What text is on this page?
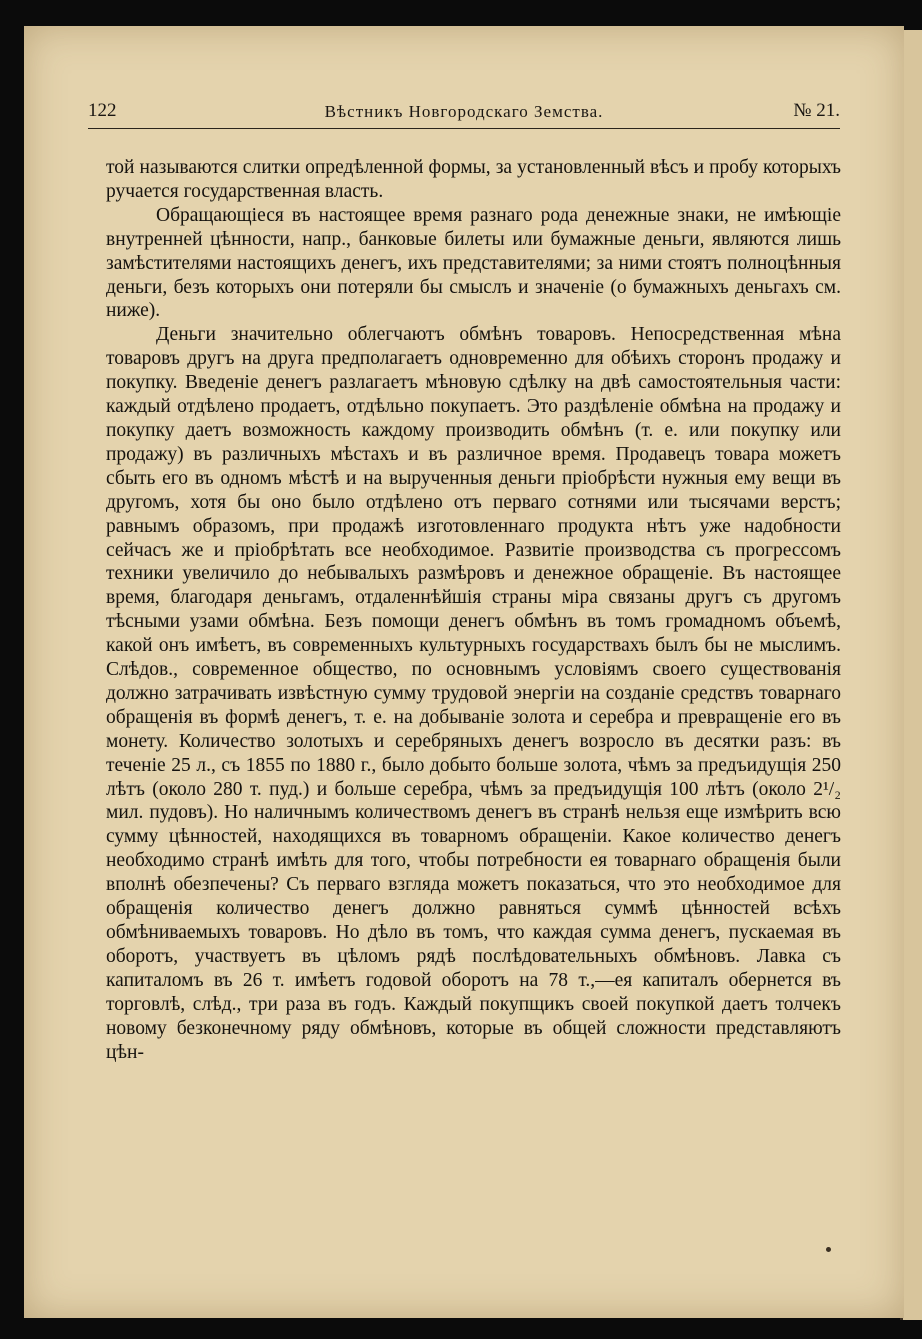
122	Вѣстникъ Новгородскаго Земства.	№ 21.

той называются слитки опредѣленной формы, за установленный вѣсъ и пробу которыхъ ручается государственная власть.

Обращающіеся въ настоящее время разнаго рода денежные знаки, не имѣющіе внутренней цѣнности, напр., банковые билеты или бумажные деньги, являются лишь замѣстителями настоящихъ денегъ, ихъ представителями; за ними стоятъ полноцѣнныя деньги, безъ которыхъ они потеряли бы смыслъ и значеніе (о бумажныхъ деньгахъ см. ниже).

Деньги значительно облегчаютъ обмѣнъ товаровъ. Непосредственная мѣна товаровъ другъ на друга предполагаетъ одновременно для обѣихъ сторонъ продажу и покупку. Введеніе денегъ разлагаетъ мѣновую сдѣлку на двѣ самостоятельныя части: каждый отдѣлено продаетъ, отдѣльно покупаетъ. Это раздѣленіе обмѣна на продажу и покупку даетъ возможность каждому производить обмѣнъ (т. е. или покупку или продажу) въ различныхъ мѣстахъ и въ различное время. Продавецъ товара можетъ сбыть его въ одномъ мѣстѣ и на вырученныя деньги пріобрѣсти нужныя ему вещи въ другомъ, хотя бы оно было отдѣлено отъ перваго сотнями или тысячами верстъ; равнымъ образомъ, при продажѣ изготовленнаго продукта нѣтъ уже надобности сейчасъ же и пріобрѣтать все необходимое. Развитіе производства съ прогрессомъ техники увеличило до небывалыхъ размѣровъ и денежное обращеніе. Въ настоящее время, благодаря деньгамъ, отдаленнѣйшія страны міра связаны другъ съ другомъ тѣсными узами обмѣна. Безъ помощи денегъ обмѣнъ въ томъ громадномъ объемѣ, какой онъ имѣетъ, въ современныхъ культурныхъ государствахъ былъ бы не мыслимъ. Слѣдов., современное общество, по основнымъ условіямъ своего существованія должно затрачивать извѣстную сумму трудовой энергіи на созданіе средствъ товарнаго обращенія въ формѣ денегъ, т. е. на добываніе золота и серебра и превращеніе его въ монету. Количество золотыхъ и серебряныхъ денегъ возросло въ десятки разъ: въ теченіе 25 л., съ 1855 по 1880 г., было добыто больше золота, чѣмъ за предъидущія 250 лѣтъ (около 280 т. пуд.) и больше серебра, чѣмъ за предъидущія 100 лѣтъ (около 2¹/₂ мил. пудовъ). Но наличнымъ количествомъ денегъ въ странѣ нельзя еще измѣрить всю сумму цѣнностей, находящихся въ товарномъ обращеніи. Какое количество денегъ необходимо странѣ имѣть для того, чтобы потребности ея товарнаго обращенія были вполнѣ обезпечены? Съ перваго взгляда можетъ показаться, что это необходимое для обращенія количество денегъ должно равняться суммѣ цѣнностей всѣхъ обмѣниваемыхъ товаровъ. Но дѣло въ томъ, что каждая сумма денегъ, пускаемая въ оборотъ, участвуетъ въ цѣломъ рядѣ послѣдовательныхъ обмѣновъ. Лавка съ капиталомъ въ 26 т. имѣетъ годовой оборотъ на 78 т.,—ея капиталъ обернется въ торговлѣ, слѣд., три раза въ годъ. Каждый покупщикъ своей покупкой даетъ толчекъ новому безконечному ряду обмѣновъ, которые въ общей сложности представляютъ цѣн-
